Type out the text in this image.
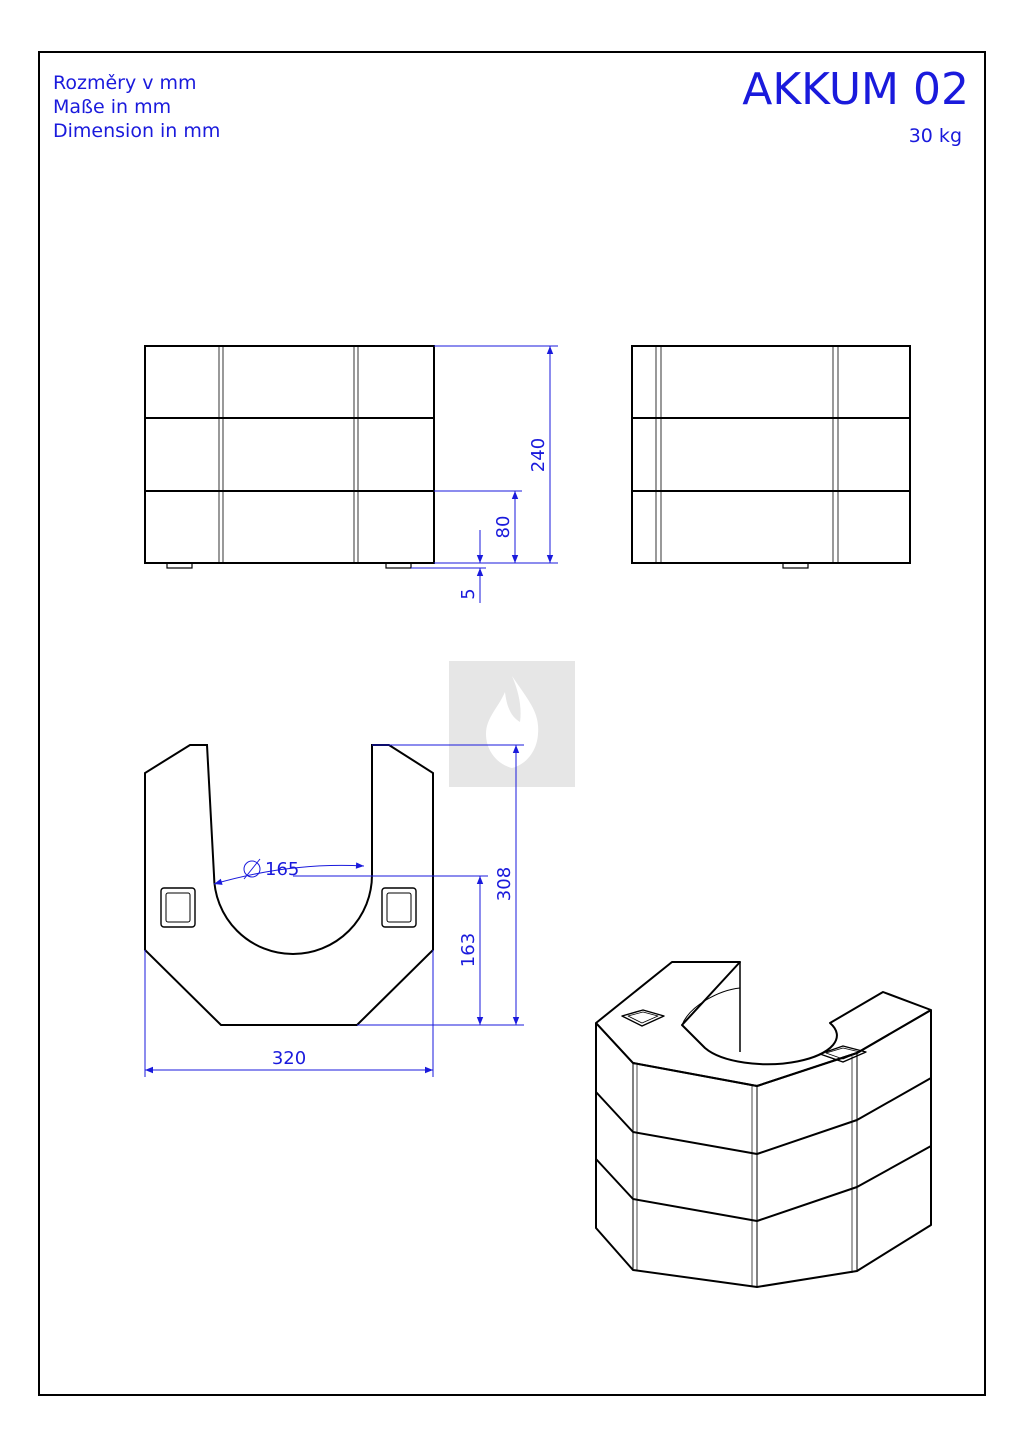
Rozměry v mm
Maße in mm
Dimension in mm
AKKUM 02
30 kg
240
80
5
308
163
320
165
